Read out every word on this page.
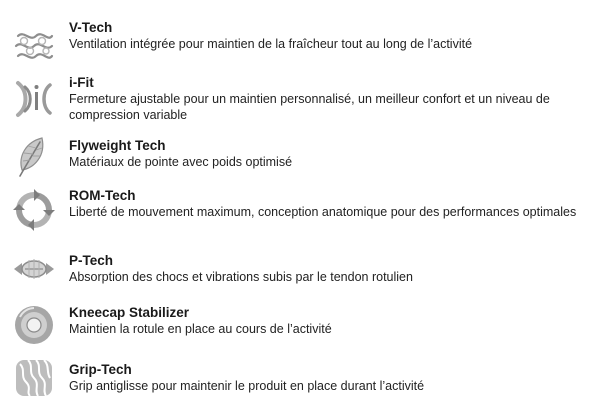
V-Tech
Ventilation intégrée pour maintien de la fraîcheur tout au long de l’activité
i-Fit
Fermeture ajustable pour un maintien personnalisé, un meilleur confort et un niveau de compression variable
Flyweight Tech
Matériaux de pointe avec poids optimisé
ROM-Tech
Liberté de mouvement maximum, conception anatomique pour des performances optimales
P-Tech
Absorption des chocs et vibrations subis par le tendon rotulien
Kneecap Stabilizer
Maintien la rotule en place au cours de l’activité
Grip-Tech
Grip antiglisse pour maintenir le produit en place durant l’activité
